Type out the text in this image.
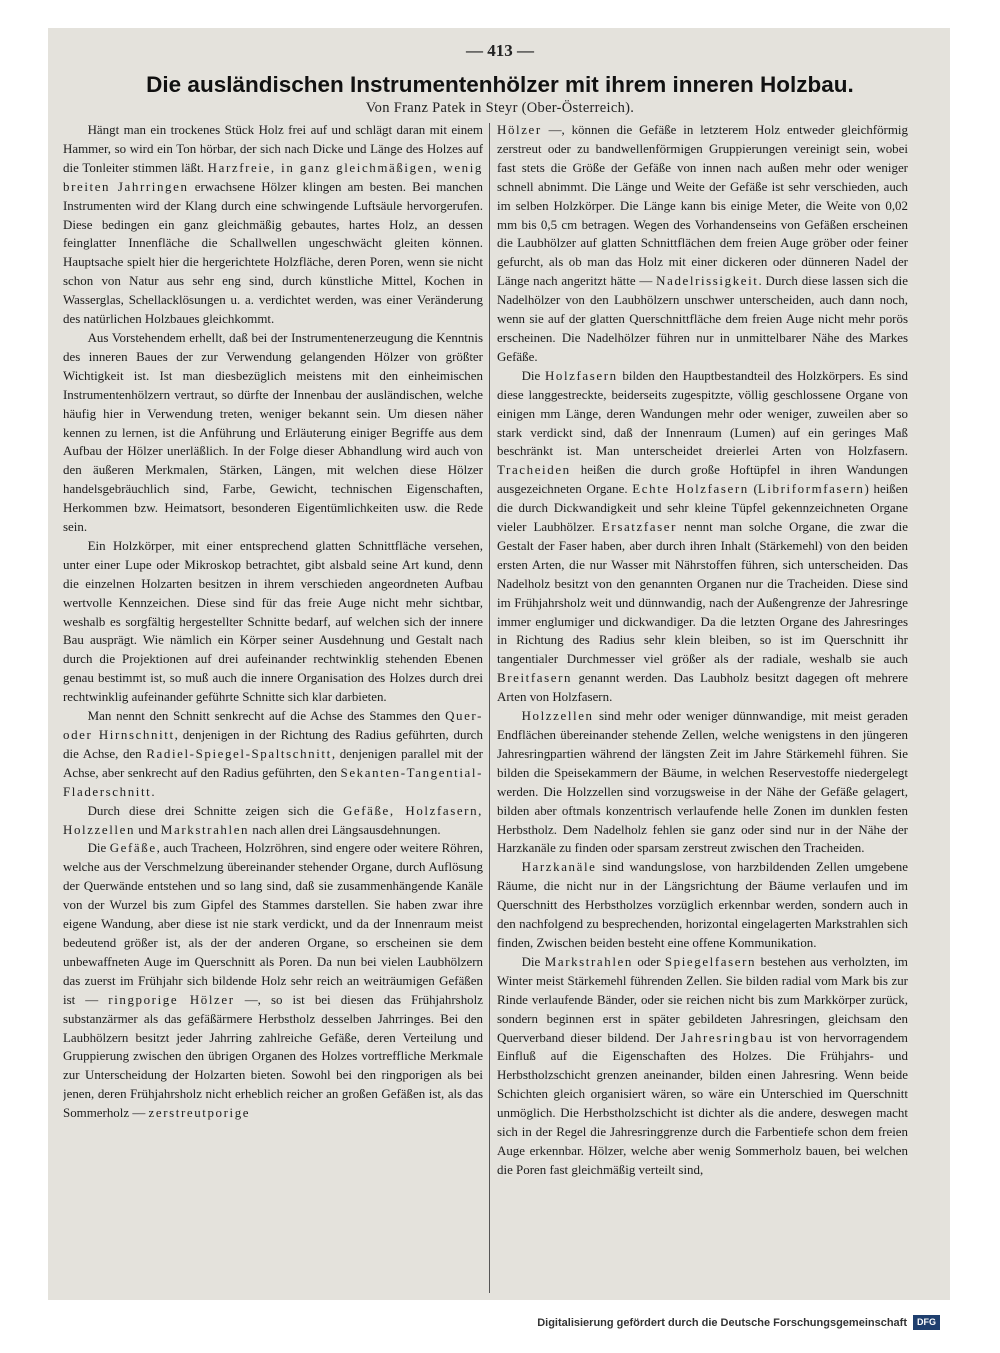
— 413 —
Die ausländischen Instrumentenhölzer mit ihrem inneren Holzbau.
Von Franz Patek in Steyr (Ober-Österreich).

Hängt man ein trockenes Stück Holz frei auf und schlägt daran mit einem Hammer, so wird ein Ton hörbar, der sich nach Dicke und Länge des Holzes auf die Tonleiter stimmen läßt. Harzfreie, in ganz gleichmäßigen, wenig breiten Jahrringen erwachsene Hölzer klingen am besten. Bei manchen Instrumenten wird der Klang durch eine schwingende Luftsäule hervorgerufen. Diese bedingen ein ganz gleichmäßig gebautes, hartes Holz, an dessen feinglatter Innenfläche die Schallwellen ungeschwächt gleiten können. Hauptsache spielt hier die hergerichtete Holzfläche, deren Poren, wenn sie nicht schon von Natur aus sehr eng sind, durch künstliche Mittel, Kochen in Wasserglas, Schellacklösungen u. a. verdichtet werden, was einer Veränderung des natürlichen Holzbaues gleichkommt.

Aus Vorstehendem erhellt, daß bei der Instrumentenerzeugung die Kenntnis des inneren Baues der zur Verwendung gelangenden Hölzer von größter Wichtigkeit ist. Ist man diesbezüglich meistens mit den einheimischen Instrumentenhölzern vertraut, so dürfte der Innenbau der ausländischen, welche häufig hier in Verwendung treten, weniger bekannt sein. Um diesen näher kennen zu lernen, ist die Anführung und Erläuterung einiger Begriffe aus dem Aufbau der Hölzer unerläßlich. In der Folge dieser Abhandlung wird auch von den äußeren Merkmalen, Stärken, Längen, mit welchen diese Hölzer handelsgebräuchlich sind, Farbe, Gewicht, technischen Eigenschaften, Herkommen bzw. Heimatsort, besonderen Eigentümlichkeiten usw. die Rede sein.

Ein Holzkörper, mit einer entsprechend glatten Schnittfläche versehen, unter einer Lupe oder Mikroskop betrachtet, gibt alsbald seine Art kund, denn die einzelnen Holzarten besitzen in ihrem verschieden angeordneten Aufbau wertvolle Kennzeichen. Diese sind für das freie Auge nicht mehr sichtbar, weshalb es sorgfältig hergestellter Schnitte bedarf, auf welchen sich der innere Bau ausprägt. Wie nämlich ein Körper seiner Ausdehnung und Gestalt nach durch die Projektionen auf drei aufeinander rechtwinklig stehenden Ebenen genau bestimmt ist, so muß auch die innere Organisation des Holzes durch drei rechtwinklig aufeinander geführte Schnitte sich klar darbieten.

Man nennt den Schnitt senkrecht auf die Achse des Stammes den Quer- oder Hirnschnitt, denjenigen in der Richtung des Radius geführten, durch die Achse, den Radiel-Spiegel-Spaltschnitt, denjenigen parallel mit der Achse, aber senkrecht auf den Radius geführten, den Sekanten-Tangential-Fladerschnitt.

Durch diese drei Schnitte zeigen sich die Gefäße, Holzfasern, Holzzellen und Markstrahlen nach allen drei Längsausdehnungen.

Die Gefäße, auch Tracheen, Holzröhren, sind engere oder weitere Röhren, welche aus der Verschmelzung übereinander stehender Organe, durch Auflösung der Querwände entstehen und so lang sind, daß sie zusammenhängende Kanäle von der Wurzel bis zum Gipfel des Stammes darstellen. Sie haben zwar ihre eigene Wandung, aber diese ist nie stark verdickt, und da der Innenraum meist bedeutend größer ist, als der der anderen Organe, so erscheinen sie dem unbewaffneten Auge im Querschnitt als Poren. Da nun bei vielen Laubhölzern das zuerst im Frühjahr sich bildende Holz sehr reich an weiträumigen Gefäßen ist — ringporige Hölzer —, so ist bei diesen das Frühjahrsholz substanzärmer als das gefäßärmere Herbstholz desselben Jahrringes. Bei den Laubhölzern besitzt jeder Jahrring zahlreiche Gefäße, deren Verteilung und Gruppierung zwischen den übrigen Organen des Holzes vortreffliche Merkmale zur Unterscheidung der Holzarten bieten. Sowohl bei den ringporigen als bei jenen, deren Frühjahrsholz nicht erheblich reicher an großen Gefäßen ist, als das Sommerholz — zerstreutporige

Hölzer —, können die Gefäße in letzterem Holz entweder gleichförmig zerstreut oder zu bandwellenförmigen Gruppierungen vereinigt sein, wobei fast stets die Größe der Gefäße von innen nach außen mehr oder weniger schnell abnimmt. Die Länge und Weite der Gefäße ist sehr verschieden, auch im selben Holzkörper. Die Länge kann bis einige Meter, die Weite von 0,02 mm bis 0,5 cm betragen. Wegen des Vorhandenseins von Gefäßen erscheinen die Laubhölzer auf glatten Schnittflächen dem freien Auge gröber oder feiner gefurcht, als ob man das Holz mit einer dickeren oder dünneren Nadel der Länge nach angeritzt hätte — Nadelrissigkeit. Durch diese lassen sich die Nadelhölzer von den Laubhölzern unschwer unterscheiden, auch dann noch, wenn sie auf der glatten Querschnittfläche dem freien Auge nicht mehr porös erscheinen. Die Nadelhölzer führen nur in unmittelbarer Nähe des Markes Gefäße.

Die Holzfasern bilden den Hauptbestandteil des Holzkörpers. Es sind diese langgestreckte, beiderseits zugespitzte, völlig geschlossene Organe von einigen mm Länge, deren Wandungen mehr oder weniger, zuweilen aber so stark verdickt sind, daß der Innenraum (Lumen) auf ein geringes Maß beschränkt ist. Man unterscheidet dreierlei Arten von Holzfasern. Tracheiden heißen die durch große Hoftüpfel in ihren Wandungen ausgezeichneten Organe. Echte Holzfasern (Libriformfasern) heißen die durch Dickwandigkeit und sehr kleine Tüpfel gekennzeichneten Organe vieler Laubhölzer. Ersatzfaser nennt man solche Organe, die zwar die Gestalt der Faser haben, aber durch ihren Inhalt (Stärkemehl) von den beiden ersten Arten, die nur Wasser mit Nährstoffen führen, sich unterscheiden. Das Nadelholz besitzt von den genannten Organen nur die Tracheiden. Diese sind im Frühjahrsholz weit und dünnwandig, nach der Außengrenze der Jahresringe immer englumiger und dickwandiger. Da die letzten Organe des Jahresringes in Richtung des Radius sehr klein bleiben, so ist im Querschnitt ihr tangentialer Durchmesser viel größer als der radiale, weshalb sie auch Breitfasern genannt werden. Das Laubholz besitzt dagegen oft mehrere Arten von Holzfasern.

Holzzellen sind mehr oder weniger dünnwandige, mit meist geraden Endflächen übereinander stehende Zellen, welche wenigstens in den jüngeren Jahresringpartien während der längsten Zeit im Jahre Stärkemehl führen. Sie bilden die Speisekammern der Bäume, in welchen Reservestoffe niedergelegt werden. Die Holzzellen sind vorzugsweise in der Nähe der Gefäße gelagert, bilden aber oftmals konzentrisch verlaufende helle Zonen im dunklen festen Herbstholz. Dem Nadelholz fehlen sie ganz oder sind nur in der Nähe der Harzkanäle zu finden oder sparsam zerstreut zwischen den Tracheiden.

Harzkanäle sind wandungslose, von harzbildenden Zellen umgebene Räume, die nicht nur in der Längsrichtung der Bäume verlaufen und im Querschnitt des Herbstholzes vorzüglich erkennbar werden, sondern auch in den nachfolgend zu besprechenden, horizontal eingelagerten Markstrahlen sich finden, Zwischen beiden besteht eine offene Kommunikation.

Die Markstrahlen oder Spiegelfasern bestehen aus verholzten, im Winter meist Stärkemehl führenden Zellen. Sie bilden radial vom Mark bis zur Rinde verlaufende Bänder, oder sie reichen nicht bis zum Markkörper zurück, sondern beginnen erst in später gebildeten Jahresringen, gleichsam den Querverband dieser bildend. Der Jahresringbau ist von hervorragendem Einfluß auf die Eigenschaften des Holzes. Die Frühjahrs- und Herbstholzschicht grenzen aneinander, bilden einen Jahresring. Wenn beide Schichten gleich organisiert wären, so wäre ein Unterschied im Querschnitt unmöglich. Die Herbstholzschicht ist dichter als die andere, deswegen macht sich in der Regel die Jahresringgrenze durch die Farbentiefe schon dem freien Auge erkennbar. Hölzer, welche aber wenig Sommerholz bauen, bei welchen die Poren fast gleichmäßig verteilt sind,

Digitalisierung gefördert durch die Deutsche Forschungsgemeinschaft	DFG
